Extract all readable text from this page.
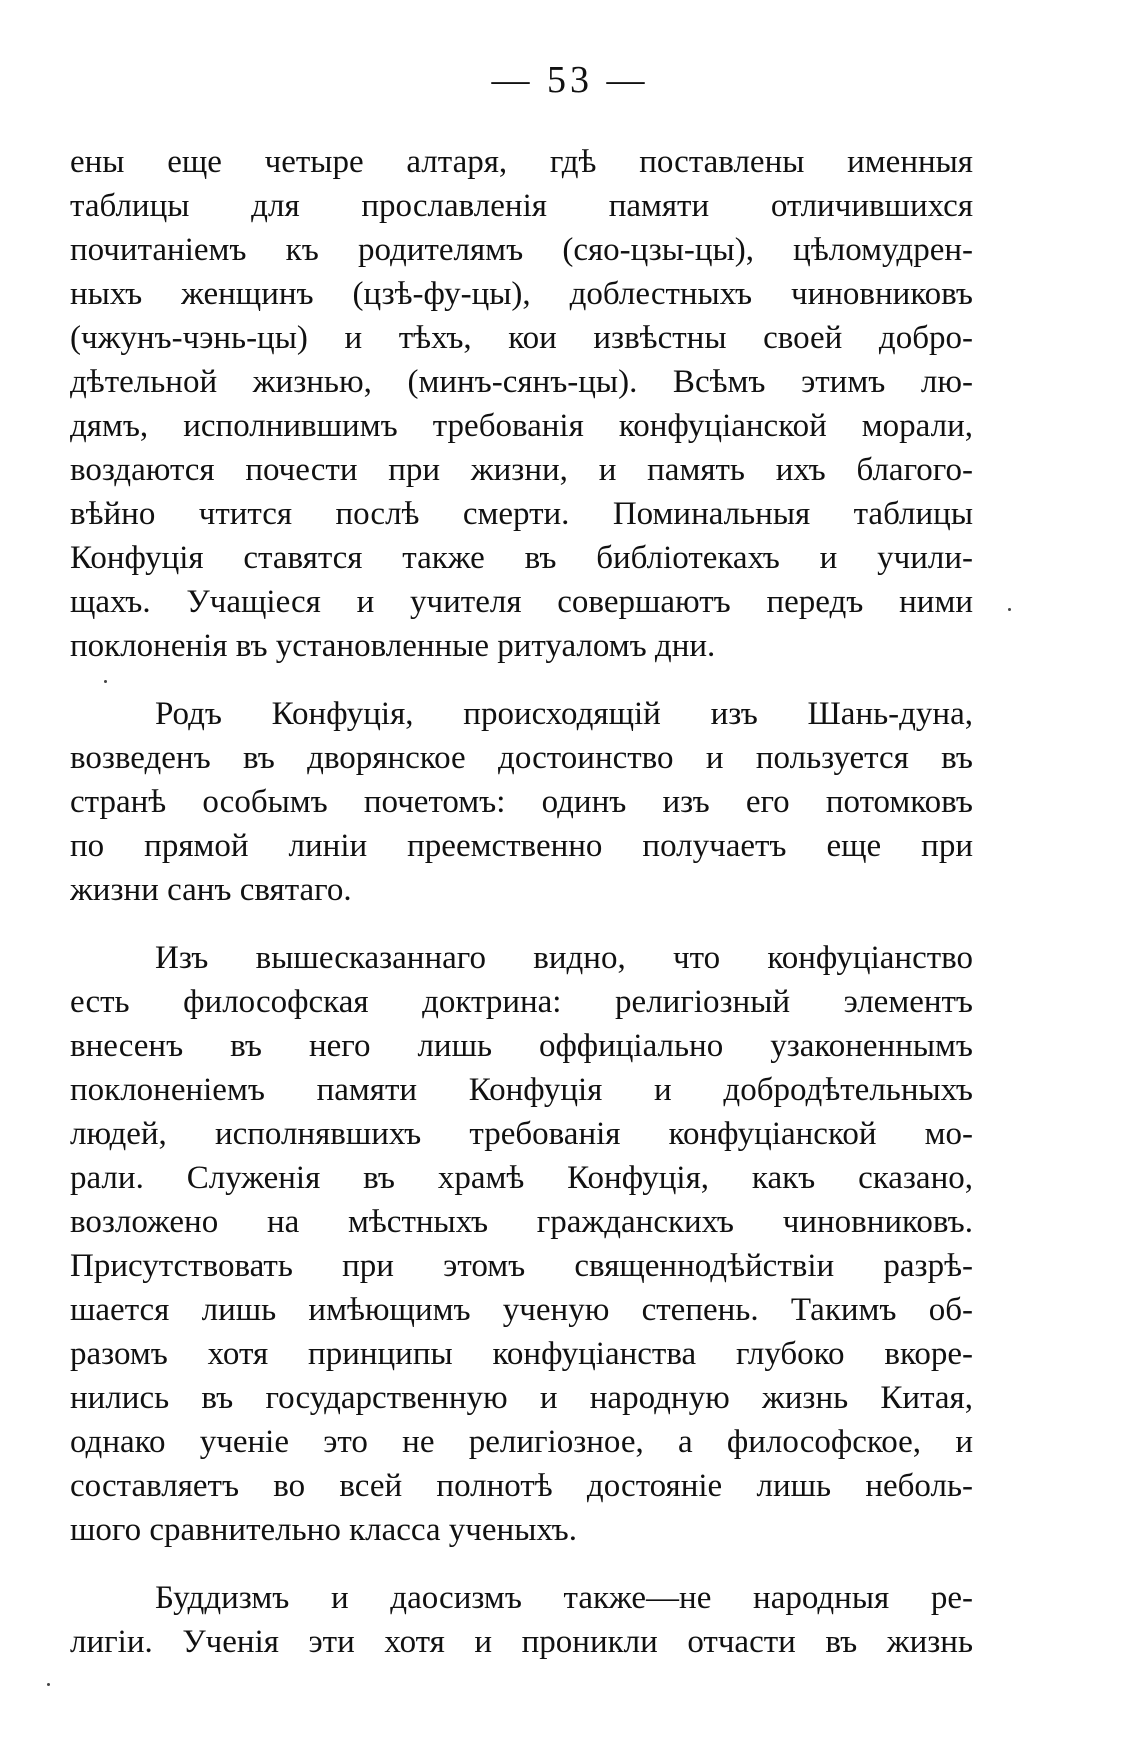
— 53 —

ены еще четыре алтаря, гдѣ поставлены именныя
таблицы для прославленія памяти отличившихся
почитаніемъ къ родителямъ (сяо-цзы-цы), цѣломудрен-
ныхъ женщинъ (цзѣ-фу-цы), доблестныхъ чиновниковъ
(чжунъ-чэнь-цы) и тѣхъ, кои извѣстны своей добро-
дѣтельной жизнью, (минъ-сянъ-цы). Всѣмъ этимъ лю-
дямъ, исполнившимъ требованія конфуціанской морали,
воздаются почести при жизни, и память ихъ благого-
вѣйно чтится послѣ смерти. Поминальныя таблицы
Конфуція ставятся также въ библіотекахъ и учили-
щахъ. Учащіеся и учителя совершаютъ передъ ними
поклоненія въ установленные ритуаломъ дни.

Родъ Конфуція, происходящій изъ Шань-дуна,
возведенъ въ дворянское достоинство и пользуется въ
странѣ особымъ почетомъ: одинъ изъ его потомковъ
по прямой линіи преемственно получаетъ еще при
жизни санъ святаго.

Изъ вышесказаннаго видно, что конфуціанство
есть философская доктрина: религіозный элементъ
внесенъ въ него лишь оффиціально узаконеннымъ
поклоненіемъ памяти Конфуція и добродѣтельныхъ
людей, исполнявшихъ требованія конфуціанской мо-
рали. Служенія въ храмѣ Конфуція, какъ сказано,
возложено на мѣстныхъ гражданскихъ чиновниковъ.
Присутствовать при этомъ священнодѣйствіи разрѣ-
шается лишь имѣющимъ ученую степень. Такимъ об-
разомъ хотя принципы конфуціанства глубоко вкоре-
нились въ государственную и народную жизнь Китая,
однако ученіе это не религіозное, а философское, и
составляетъ во всей полнотѣ достояніе лишь неболь-
шого сравнительно класса ученыхъ.

Буддизмъ и даосизмъ также—не народныя ре-
лигіи. Ученія эти хотя и проникли отчасти въ жизнь
